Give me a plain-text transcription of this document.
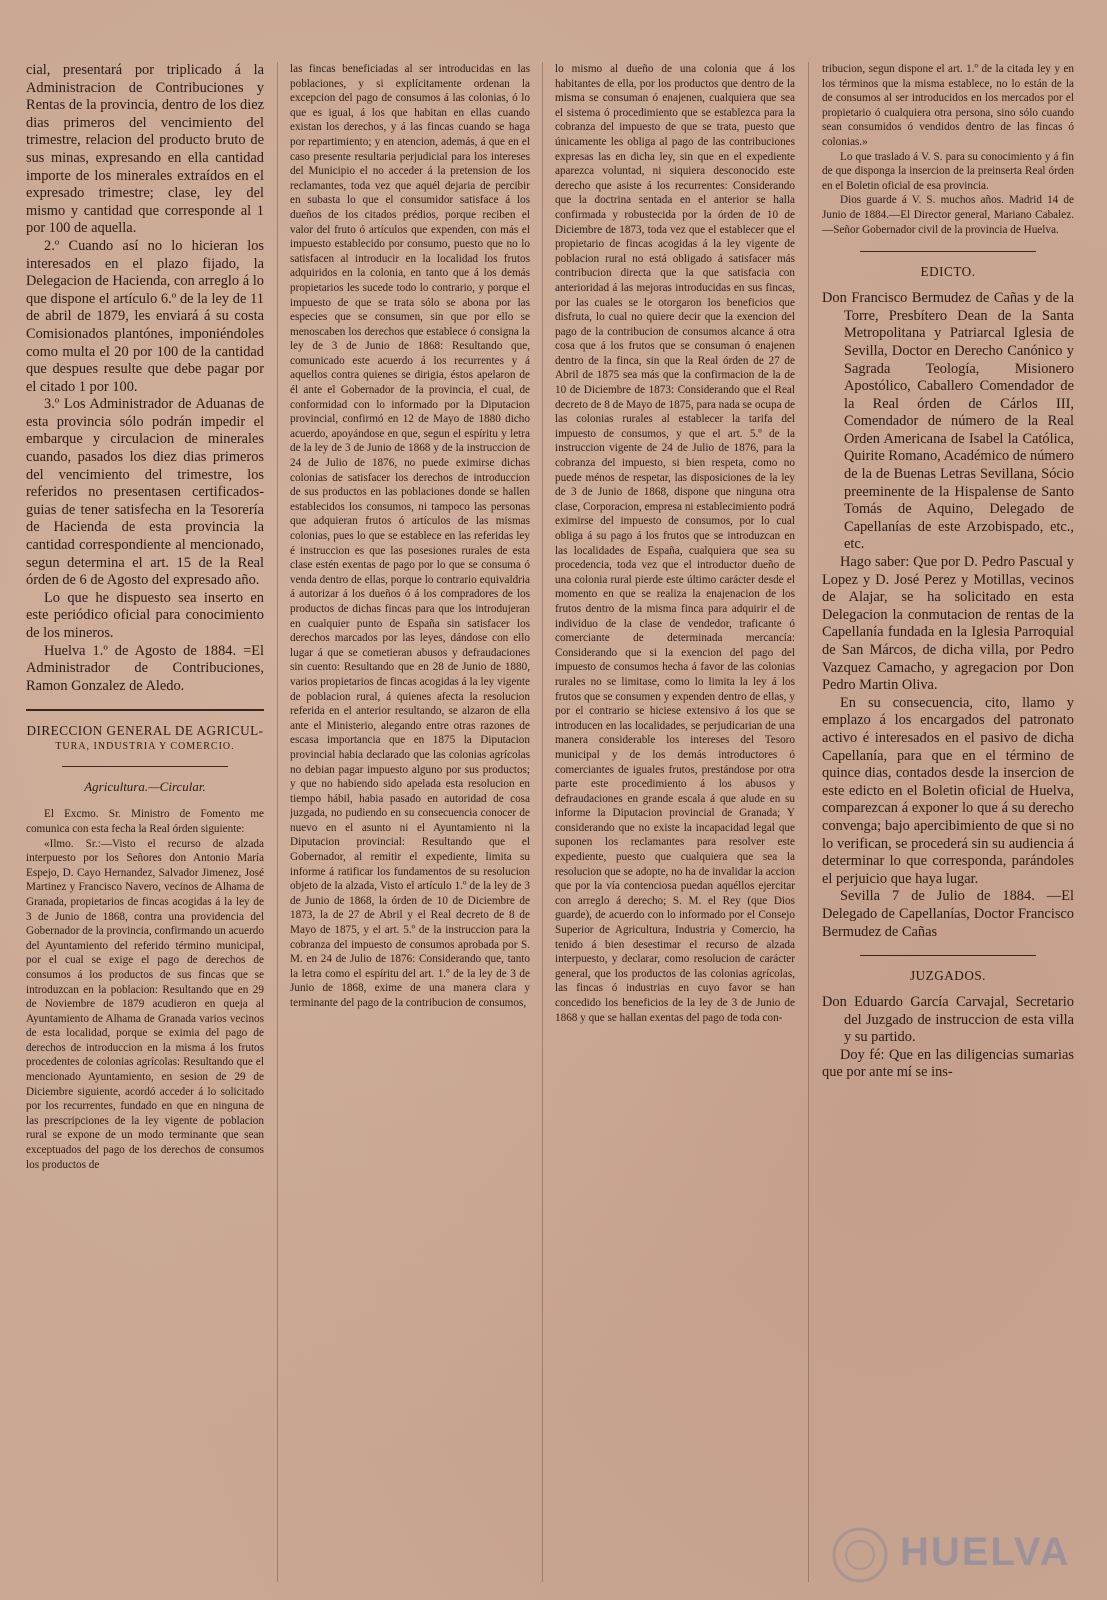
cial, presentará por triplicado á la Administracion de Contribuciones y Rentas de la provincia, dentro de los diez dias primeros del vencimiento del trimestre, relacion del producto bruto de sus minas, expresando en ella cantidad importe de los minerales extraídos en el expresado trimestre; clase, ley del mismo y cantidad que corresponde al 1 por 100 de aquella.

2.º Cuando así no lo hicieran los interesados en el plazo fijado, la Delegacion de Hacienda, con arreglo á lo que dispone el artículo 6.º de la ley de 11 de abril de 1879, les enviará á su costa Comisionados plantónes, imponiéndoles como multa el 20 por 100 de la cantidad que despues resulte que debe pagar por el citado 1 por 100.

3.º Los Administrador de Aduanas de esta provincia sólo podrán impedir el embarque y circulacion de minerales cuando, pasados los diez dias primeros del vencimiento del trimestre, los referidos no presentasen certificados-guias de tener satisfecha en la Tesorería de Hacienda de esta provincia la cantidad correspondiente al mencionado, segun determina el art. 15 de la Real órden de 6 de Agosto del expresado año.

Lo que he dispuesto sea inserto en este periódico oficial para conocimiento de los mineros.

Huelva 1.º de Agosto de 1884. =El Administrador de Contribuciones, Ramon Gonzalez de Aledo.

DIRECCION GENERAL DE AGRICUL-
TURA, INDUSTRIA Y COMERCIO.

Agricultura.—Circular.

El Excmo. Sr. Ministro de Fomento me comunica con esta fecha la Real órden siguiente:

«Ilmo. Sr.:—Visto el recurso de alzada interpuesto por los Señores don Antonio María Espejo, D. Cayo Hernandez, Salvador Jimenez, José Martinez y Francisco Navero, vecinos de Alhama de Granada, propietarios de fincas acogidas á la ley de 3 de Junio de 1868, contra una providencia del Gobernador de la provincia, confirmando un acuerdo del Ayuntamiento del referido término municipal, por el cual se exige el pago de derechos de consumos á los productos de sus fincas que se introduzcan en la poblacion: Resultando que en 29 de Noviembre de 1879 acudieron en queja al Ayuntamiento de Alhama de Granada varios vecinos de esta localidad, porque se eximia del pago de derechos de introduccion en la misma á los frutos procedentes de colonias agrícolas: Resultando que el mencionado Ayuntamiento, en sesion de 29 de Diciembre siguiente, acordó acceder á lo solicitado por los recurrentes, fundado en que en ninguna de las prescripciones de la ley vigente de poblacion rural se expone de un modo terminante que sean exceptuados del pago de los derechos de consumos los productos de

las fincas beneficiadas al ser introducidas en las poblaciones, y si explícitamente ordenan la excepcion del pago de consumos á las colonias, ó lo que es igual, á los que habitan en ellas cuando existan los derechos, y á las fincas cuando se haga por repartimiento; y en atencion, además, á que en el caso presente resultaria perjudicial para los intereses del Municipio el no acceder á la pretension de los reclamantes, toda vez que aquél dejaria de percibir en subasta lo que el consumidor satisface á los dueños de los citados prédios, porque reciben el valor del fruto ó artículos que expenden, con más el impuesto establecido por consumo, puesto que no lo satisfacen al introducir en la localidad los frutos adquiridos en la colonia, en tanto que á los demás propietarios les sucede todo lo contrario, y porque el impuesto de que se trata sólo se abona por las especies que se consumen, sin que por ello se menoscaben los derechos que establece ó consigna la ley de 3 de Junio de 1868: Resultando que, comunicado este acuerdo á los recurrentes y á aquellos contra quienes se dirigia, éstos apelaron de él ante el Gobernador de la provincia, el cual, de conformidad con lo informado por la Diputacion provincial, confirmó en 12 de Mayo de 1880 dicho acuerdo, apoyándose en que, segun el espíritu y letra de la ley de 3 de Junio de 1868 y de la instruccion de 24 de Julio de 1876, no puede eximirse dichas colonias de satisfacer los derechos de introduccion de sus productos en las poblaciones donde se hallen establecidos los consumos, ni tampoco las personas que adquieran frutos ó artículos de las mismas colonias, pues lo que se establece en las referidas ley é instruccion es que las posesiones rurales de esta clase estén exentas de pago por lo que se consuma ó venda dentro de ellas, porque lo contrario equivaldria á autorizar á los dueños ó á los compradores de los productos de dichas fincas para que los introdujeran en cualquier punto de España sin satisfacer los derechos marcados por las leyes, dándose con ello lugar á que se cometieran abusos y defraudaciones sin cuento: Resultando que en 28 de Junio de 1880, varios propietarios de fincas acogidas á la ley vigente de poblacion rural, á quienes afecta la resolucion referida en el anterior resultando, se alzaron de ella ante el Ministerio, alegando entre otras razones de escasa importancia que en 1875 la Diputacion provincial habia declarado que las colonias agrícolas no debian pagar impuesto alguno por sus productos; y que no habiendo sido apelada esta resolucion en tiempo hábil, habia pasado en autoridad de cosa juzgada, no pudiendo en su consecuencia conocer de nuevo en el asunto ni el Ayuntamiento ni la Diputacion provincial: Resultando que el Gobernador, al remitir el expediente, limita su informe á ratificar los fundamentos de su resolucion objeto de la alzada, Visto el artículo 1.º de la ley de 3 de Junio de 1868, la órden de 10 de Diciembre de 1873, la de 27 de Abril y el Real decreto de 8 de Mayo de 1875, y el art. 5.º de la instruccion para la cobranza del impuesto de consumos aprobada por S. M. en 24 de Julio de 1876: Considerando que, tanto la letra como el espíritu del art. 1.º de la ley de 3 de Junio de 1868, exime de una manera clara y terminante del pago de la contribucion de consumos,

lo mismo al dueño de una colonia que á los habitantes de ella, por los productos que dentro de la misma se consuman ó enajenen, cualquiera que sea el sistema ó procedimiento que se establezca para la cobranza del impuesto de que se trata, puesto que únicamente les obliga al pago de las contribuciones expresas las en dicha ley, sin que en el expediente aparezca voluntad, ni siquiera desconocido este derecho que asiste á los recurrentes: Considerando que la doctrina sentada en el anterior se halla confirmada y robustecida por la órden de 10 de Diciembre de 1873, toda vez que el establecer que el propietario de fincas acogidas á la ley vigente de poblacion rural no está obligado á satisfacer más contribucion directa que la que satisfacia con anterioridad á las mejoras introducidas en sus fincas, por las cuales se le otorgaron los beneficios que disfruta, lo cual no quiere decir que la exencion del pago de la contribucion de consumos alcance á otra cosa que á los frutos que se consuman ó enajenen dentro de la finca, sin que la Real órden de 27 de Abril de 1875 sea más que la confirmacion de la de 10 de Diciembre de 1873: Considerando que el Real decreto de 8 de Mayo de 1875, para nada se ocupa de las colonias rurales al establecer la tarifa del impuesto de consumos, y que el art. 5.º de la instruccion vigente de 24 de Julio de 1876, para la cobranza del impuesto, si bien respeta, como no puede ménos de respetar, las disposiciones de la ley de 3 de Junio de 1868, dispone que ninguna otra clase, Corporacion, empresa ni establecimiento podrá eximirse del impuesto de consumos, por lo cual obliga á su pago á los frutos que se introduzcan en las localidades de España, cualquiera que sea su procedencia, toda vez que el introductor dueño de una colonia rural pierde este último carácter desde el momento en que se realiza la enajenacion de los frutos dentro de la misma finca para adquirir el de individuo de la clase de vendedor, traficante ó comerciante de determinada mercancía: Considerando que si la exencion del pago del impuesto de consumos hecha á favor de las colonias rurales no se limitase, como lo limita la ley á los frutos que se consumen y expenden dentro de ellas, y por el contrario se hiciese extensivo á los que se introducen en las localidades, se perjudicarian de una manera considerable los intereses del Tesoro municipal y de los demás introductores ó comerciantes de iguales frutos, prestándose por otra parte este procedimiento á los abusos y defraudaciones en grande escala á que alude en su informe la Diputacion provincial de Granada; Y considerando que no existe la incapacidad legal que suponen los reclamantes para resolver este expediente, puesto que cualquiera que sea la resolucion que se adopte, no ha de invalidar la accion que por la vía contenciosa puedan aquéllos ejercitar con arreglo á derecho; S. M. el Rey (que Dios guarde), de acuerdo con lo informado por el Consejo Superior de Agricultura, Industria y Comercio, ha tenido á bien desestimar el recurso de alzada interpuesto, y declarar, como resolucion de carácter general, que los productos de las colonias agrícolas, las fincas ó industrias en cuyo favor se han concedido los beneficios de la ley de 3 de Junio de 1868 y que se hallan exentas del pago de toda con-

tribucion, segun dispone el art. 1.º de la citada ley y en los términos que la misma establece, no lo están de la de consumos al ser introducidos en los mercados por el propietario ó cualquiera otra persona, sino sólo cuando sean consumidos ó vendidos dentro de las fincas ó colonias.»

Lo que traslado á V. S. para su conocimiento y á fin de que disponga la insercion de la preinserta Real órden en el Boletin oficial de esa provincia.

Dios guarde á V. S. muchos años. Madrid 14 de Junio de 1884.—El Director general, Mariano Cabalez.—Señor Gobernador civil de la provincia de Huelva.

EDICTO.

Don Francisco Bermudez de Cañas y de la Torre, Presbítero Dean de la Santa Metropolitana y Patriarcal Iglesia de Sevilla, Doctor en Derecho Canónico y Sagrada Teología, Misionero Apostólico, Caballero Comendador de la Real órden de Cárlos III, Comendador de número de la Real Orden Americana de Isabel la Católica, Quirite Romano, Académico de número de la de Buenas Letras Sevillana, Sócio preeminente de la Hispalense de Santo Tomás de Aquino, Delegado de Capellanías de este Arzobispado, etc., etc.

Hago saber: Que por D. Pedro Pascual y Lopez y D. José Perez y Motillas, vecinos de Alajar, se ha solicitado en esta Delegacion la conmutacion de rentas de la Capellanía fundada en la Iglesia Parroquial de San Márcos, de dicha villa, por Pedro Vazquez Camacho, y agregacion por Don Pedro Martin Oliva.

En su consecuencia, cito, llamo y emplazo á los encargados del patronato activo é interesados en el pasivo de dicha Capellanía, para que en el término de quince dias, contados desde la insercion de este edicto en el Boletin oficial de Huelva, comparezcan á exponer lo que á su derecho convenga; bajo apercibimiento de que si no lo verifican, se procederá sin su audiencia á determinar lo que corresponda, parándoles el perjuicio que haya lugar.

Sevilla 7 de Julio de 1884. —El Delegado de Capellanías, Doctor Francisco Bermudez de Cañas

JUZGADOS.

Don Eduardo García Carvajal, Secretario del Juzgado de instruccion de esta villa y su partido.

Doy fé: Que en las diligencias sumarias que por ante mí se ins-

HUELVA
